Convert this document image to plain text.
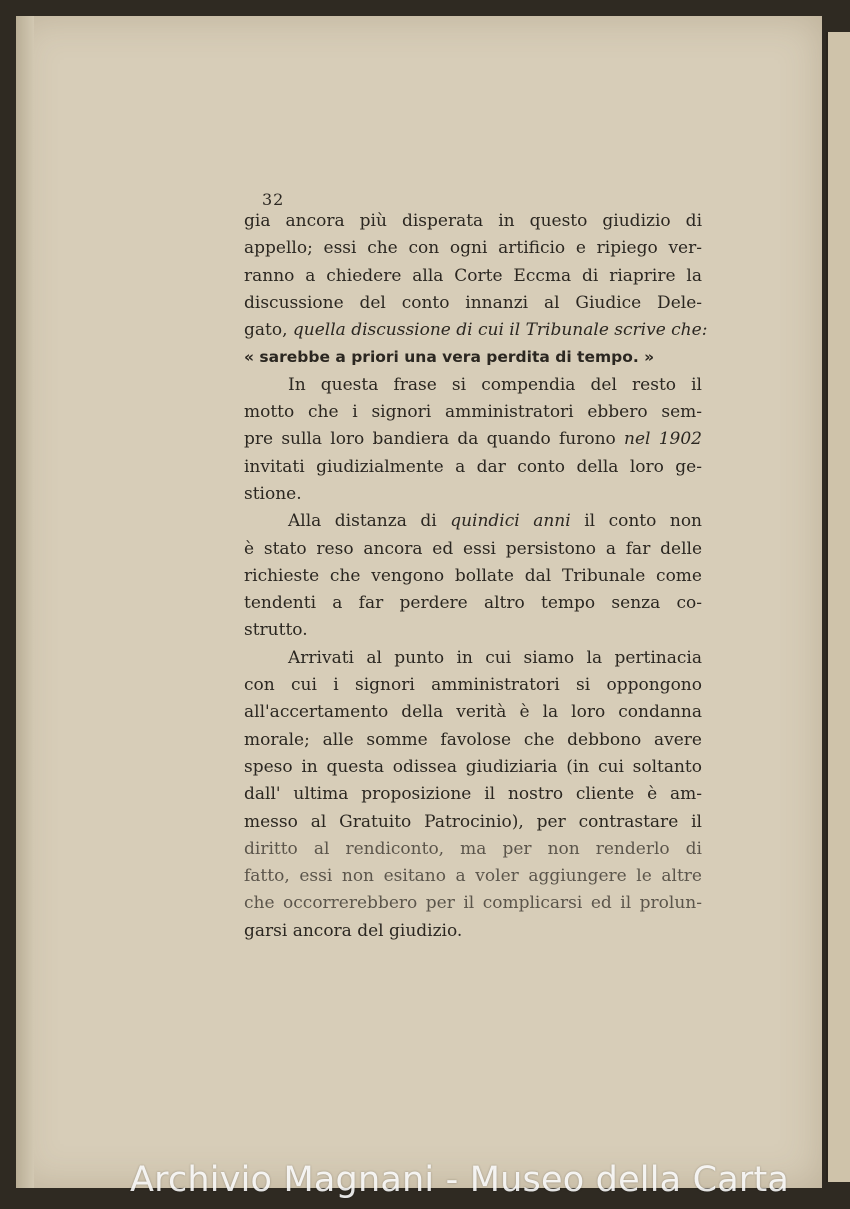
32

gia ancora più disperata in questo giudizio di
appello; essi che con ogni artificio e ripiego ver-
ranno a chiedere alla Corte Eccma di riaprire la
discussione del conto innanzi al Giudice Dele-
gato, quella discussione di cui il Tribunale scrive che:
« sarebbe a priori una vera perdita di tempo. »

In questa frase si compendia del resto il
motto che i signori amministratori ebbero sem-
pre sulla loro bandiera da quando furono nel 1902
invitati giudizialmente a dar conto della loro ge-
stione.

Alla distanza di quindici anni il conto non
è stato reso ancora ed essi persistono a far delle
richieste che vengono bollate dal Tribunale come
tendenti a far perdere altro tempo senza co-
strutto.

Arrivati al punto in cui siamo la pertinacia
con cui i signori amministratori si oppongono
all'accertamento della verità è la loro condanna
morale; alle somme favolose che debbono avere
speso in questa odissea giudiziaria (in cui soltanto
dall' ultima proposizione il nostro cliente è am-
messo al Gratuito Patrocinio), per contrastare il
diritto al rendiconto, ma per non renderlo di
fatto, essi non esitano a voler aggiungere le altre
che occorrerebbero per il complicarsi ed il prolun-
garsi ancora del giudizio.

Archivio Magnani - Museo della Carta
